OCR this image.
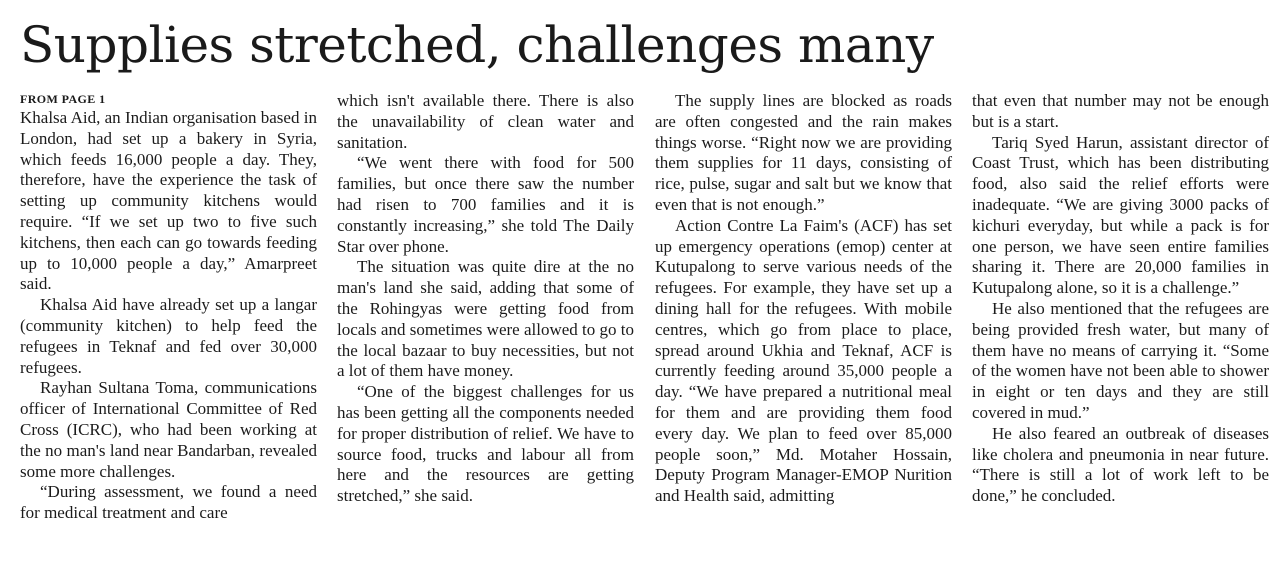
Supplies stretched, challenges many
FROM PAGE 1

Khalsa Aid, an Indian organisation based in London, had set up a bakery in Syria, which feeds 16,000 people a day. They, therefore, have the experience the task of setting up community kitchens would require. “If we set up two to five such kitchens, then each can go towards feeding up to 10,000 people a day,” Amarpreet said.

Khalsa Aid have already set up a langar (community kitchen) to help feed the refugees in Teknaf and fed over 30,000 refugees.

Rayhan Sultana Toma, communications officer of International Committee of Red Cross (ICRC), who had been working at the no man's land near Bandarban, revealed some more challenges.

“During assessment, we found a need for medical treatment and care

which isn't available there. There is also the unavailability of clean water and sanitation.

“We went there with food for 500 families, but once there saw the number had risen to 700 families and it is constantly increasing,” she told The Daily Star over phone.

The situation was quite dire at the no man's land she said, adding that some of the Rohingyas were getting food from locals and sometimes were allowed to go to the local bazaar to buy necessities, but not a lot of them have money.

“One of the biggest challenges for us has been getting all the components needed for proper distribution of relief. We have to source food, trucks and labour all from here and the resources are getting stretched,” she said.

The supply lines are blocked as roads are often congested and the rain makes things worse. “Right now we are providing them supplies for 11 days, consisting of rice, pulse, sugar and salt but we know that even that is not enough.”

Action Contre La Faim's (ACF) has set up emergency operations (emop) center at Kutupalong to serve various needs of the refugees. For example, they have set up a dining hall for the refugees. With mobile centres, which go from place to place, spread around Ukhia and Teknaf, ACF is currently feeding around 35,000 people a day. “We have prepared a nutritional meal for them and are providing them food every day. We plan to feed over 85,000 people soon,” Md. Motaher Hossain, Deputy Program Manager-EMOP Nurition and Health said, admitting

that even that number may not be enough but is a start.

Tariq Syed Harun, assistant director of Coast Trust, which has been distributing food, also said the relief efforts were inadequate. “We are giving 3000 packs of kichuri everyday, but while a pack is for one person, we have seen entire families sharing it. There are 20,000 families in Kutupalong alone, so it is a challenge.”

He also mentioned that the refugees are being provided fresh water, but many of them have no means of carrying it. “Some of the women have not been able to shower in eight or ten days and they are still covered in mud.”

He also feared an outbreak of diseases like cholera and pneumonia in near future. “There is still a lot of work left to be done,” he concluded.
